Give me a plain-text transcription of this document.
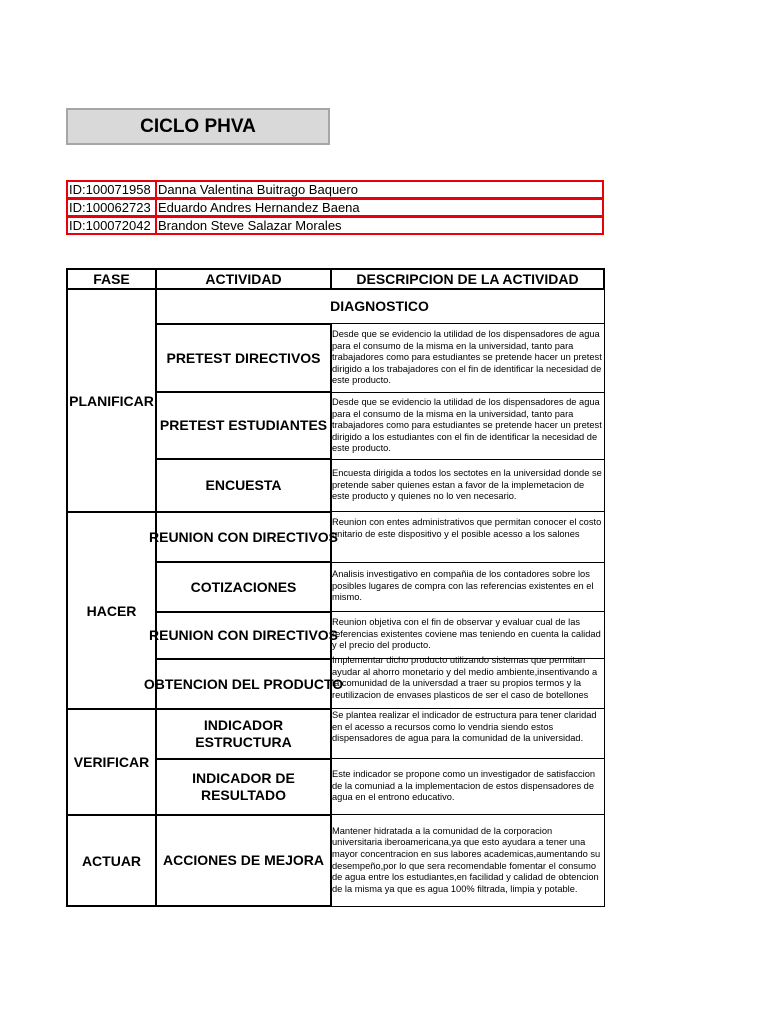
CICLO PHVA
ID:100071958 Danna Valentina Buitrago Baquero
ID:100062723 Eduardo Andres Hernandez Baena
ID:100072042 Brandon Steve Salazar Morales
FASE	ACTIVIDAD	DESCRIPCION DE LA ACTIVIDAD
PLANIFICAR
HACER
VERIFICAR
ACTUAR
DIAGNOSTICO
PRETEST DIRECTIVOS
PRETEST ESTUDIANTES
ENCUESTA
REUNION CON DIRECTIVOS
COTIZACIONES
REUNION CON DIRECTIVOS
OBTENCION DEL PRODUCTO
INDICADOR ESTRUCTURA
INDICADOR DE RESULTADO
ACCIONES DE MEJORA
Desde que se evidencio la utilidad de los dispensadores de agua para el consumo de la misma en la universidad, tanto para trabajadores como para estudiantes se pretende hacer un pretest dirigido a los trabajadores con el fin de identificar la necesidad de este producto.
Desde que se evidencio la utilidad de los dispensadores de agua para el consumo de la misma en la universidad, tanto para trabajadores como para estudiantes se pretende hacer un pretest dirigido a los estudiantes con el fin de identificar la necesidad de este producto.
Encuesta dirigida a todos los sectotes en la universidad donde se pretende saber quienes estan a favor de la implemetacion de este producto y quienes no lo ven necesario.
Reunion con entes administrativos que permitan conocer el costo unitario de este dispositivo y el posible acesso a los salones
Analisis investigativo en compañia de los contadores sobre los posibles lugares de compra con las referencias existentes en el mismo.
Reunion objetiva con el fin de observar y evaluar cual de las referencias existentes coviene mas teniendo en cuenta la calidad y el precio del producto.
Implementar dicho producto utilizando sistemas que permitan ayudar al ahorro monetario y del medio ambiente,insentivando a la comunidad de la universdad a traer su propios termos y la reutilizacion de envases plasticos de ser el caso de botellones
Se plantea realizar el indicador de estructura para tener claridad en el acesso a recursos como lo vendria siendo estos dispensadores de agua para la comunidad de la universidad.
Este indicador se propone como un investigador de satisfaccion de la comuniad a la implementacion de estos dispensadores de agua en el entrono educativo.
Mantener hidratada a la comunidad de la corporacion universitaria iberoamericana,ya que esto ayudara a tener una mayor concentracion en sus labores academicas,aumentando su desempeño,por lo que sera recomendable fomentar el consumo de agua entre los estudiantes,en facilidad y calidad de obtencion de la misma ya que es agua 100% filtrada, limpia y potable.
